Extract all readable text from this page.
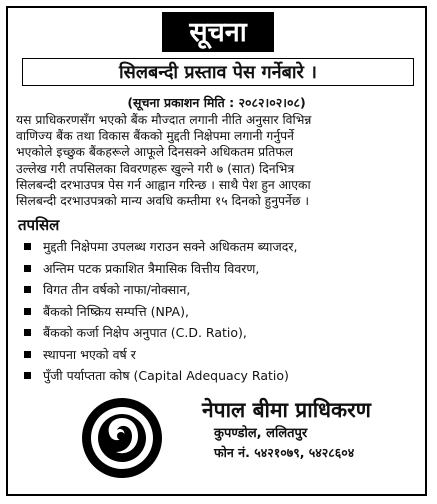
सूचना
सिलबन्दी प्रस्ताव पेस गर्नेबारे ।
(सूचना प्रकाशन मिति : २०८२।०२।०८)
यस प्राधिकरणसँग भएको बैंक मौज्दात लगानी नीति अनुसार विभिन्न
वाणिज्य बैंक तथा विकास बैंकको मुद्दती निक्षेपमा लगानी गर्नुपर्ने
भएकोले इच्छुक बैंकहरूले आफूले दिनसक्ने अधिकतम प्रतिफल
उल्लेख गरी तपसिलका विवरणहरू खुल्ने गरी ७ (सात) दिनभित्र
सिलबन्दी दरभाउपत्र पेस गर्न आह्वान गरिन्छ । साथै पेश हुन आएका
सिलबन्दी दरभाउपत्रको मान्य अवधि कम्तीमा १५ दिनको हुनुपर्नेछ ।
तपसिल
मुद्दती निक्षेपमा उपलब्ध गराउन सक्ने अधिकतम ब्याजदर,
अन्तिम पटक प्रकाशित त्रैमासिक वित्तीय विवरण,
विगत तीन वर्षको नाफा/नोक्सान,
बैंकको निष्क्रिय सम्पत्ति (NPA),
बैंकको कर्जा निक्षेप अनुपात (C.D. Ratio),
स्थापना भएको वर्ष र
पुँजी पर्याप्तता कोष (Capital Adequacy Ratio)
नेपाल बीमा प्राधिकरण
कुपण्डोल, ललितपुर
फोन नं. ५४२१०७९, ५४२८६०४
